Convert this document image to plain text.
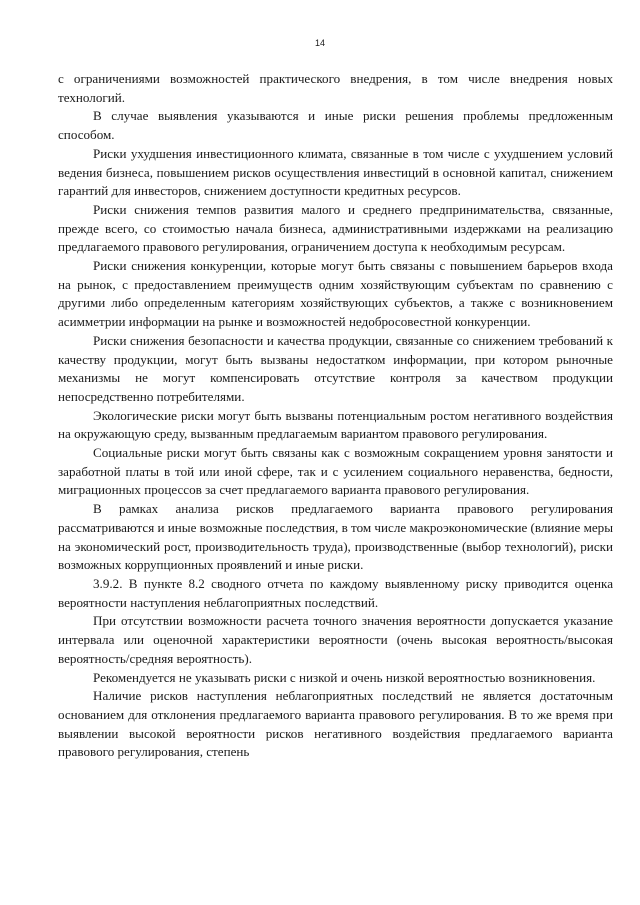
14

с ограничениями возможностей практического внедрения, в том числе внедрения новых технологий.

В случае выявления указываются и иные риски решения проблемы предложенным способом.

Риски ухудшения инвестиционного климата, связанные в том числе с ухудшением условий ведения бизнеса, повышением рисков осуществления инвестиций в основной капитал, снижением гарантий для инвесторов, снижением доступности кредитных ресурсов.

Риски снижения темпов развития малого и среднего предпринимательства, связанные, прежде всего, со стоимостью начала бизнеса, административными издержками на реализацию предлагаемого правового регулирования, ограничением доступа к необходимым ресурсам.

Риски снижения конкуренции, которые могут быть связаны с повышением барьеров входа на рынок, с предоставлением преимуществ одним хозяйствующим субъектам по сравнению с другими либо определенным категориям хозяйствующих субъектов, а также с возникновением асимметрии информации на рынке и возможностей недобросовестной конкуренции.

Риски снижения безопасности и качества продукции, связанные со снижением требований к качеству продукции, могут быть вызваны недостатком информации, при котором рыночные механизмы не могут компенсировать отсутствие контроля за качеством продукции непосредственно потребителями.

Экологические риски могут быть вызваны потенциальным ростом негативного воздействия на окружающую среду, вызванным предлагаемым вариантом правового регулирования.

Социальные риски могут быть связаны как с возможным сокращением уровня занятости и заработной платы в той или иной сфере, так и с усилением социального неравенства, бедности, миграционных процессов за счет предлагаемого варианта правового регулирования.

В рамках анализа рисков предлагаемого варианта правового регулирования рассматриваются и иные возможные последствия, в том числе макроэкономические (влияние меры на экономический рост, производительность труда), производственные (выбор технологий), риски возможных коррупционных проявлений и иные риски.

3.9.2. В пункте 8.2 сводного отчета по каждому выявленному риску приводится оценка вероятности наступления неблагоприятных последствий.

При отсутствии возможности расчета точного значения вероятности допускается указание интервала или оценочной характеристики вероятности (очень высокая вероятность/высокая вероятность/средняя вероятность).

Рекомендуется не указывать риски с низкой и очень низкой вероятностью возникновения.

Наличие рисков наступления неблагоприятных последствий не является достаточным основанием для отклонения предлагаемого варианта правового регулирования. В то же время при выявлении высокой вероятности рисков негативного воздействия предлагаемого варианта правового регулирования, степень
